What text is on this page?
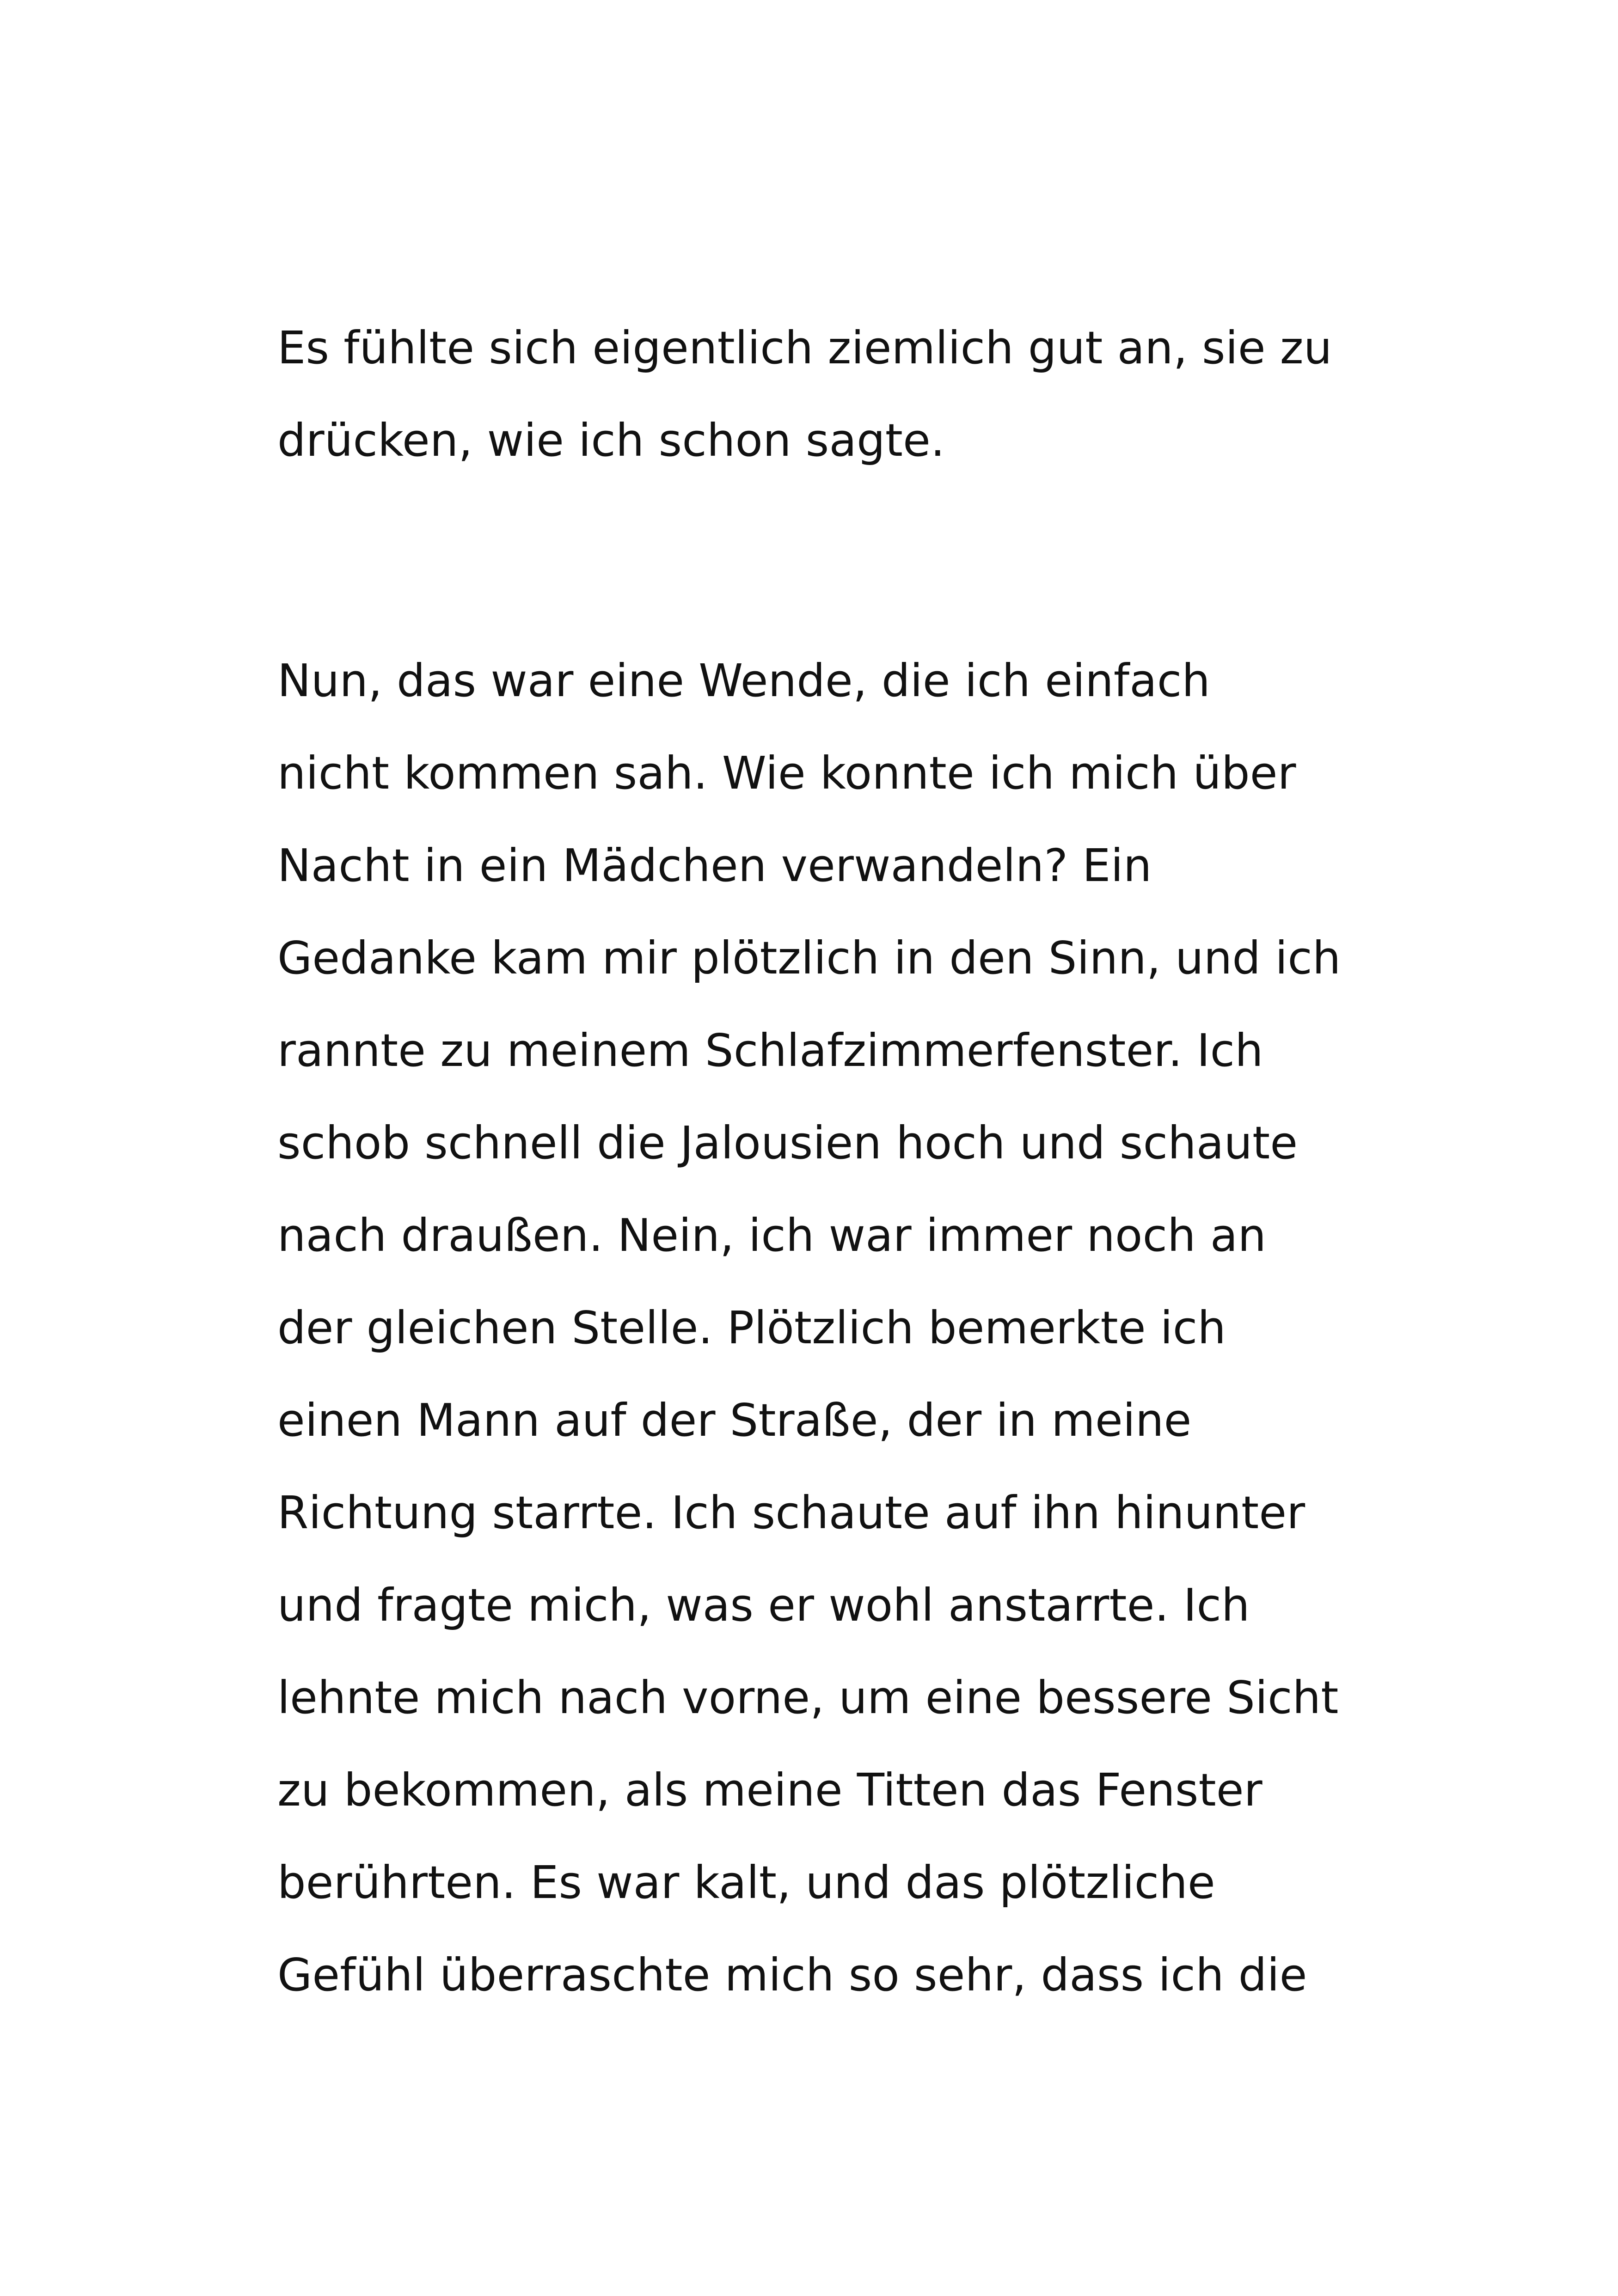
Es fühlte sich eigentlich ziemlich gut an, sie zu

drücken, wie ich schon sagte.

Nun, das war eine Wende, die ich einfach

nicht kommen sah. Wie konnte ich mich über

Nacht in ein Mädchen verwandeln? Ein

Gedanke kam mir plötzlich in den Sinn, und ich

rannte zu meinem Schlafzimmerfenster. Ich

schob schnell die Jalousien hoch und schaute

nach draußen. Nein, ich war immer noch an

der gleichen Stelle. Plötzlich bemerkte ich

einen Mann auf der Straße, der in meine

Richtung starrte. Ich schaute auf ihn hinunter

und fragte mich, was er wohl anstarrte. Ich

lehnte mich nach vorne, um eine bessere Sicht

zu bekommen, als meine Titten das Fenster

berührten. Es war kalt, und das plötzliche

Gefühl überraschte mich so sehr, dass ich die
